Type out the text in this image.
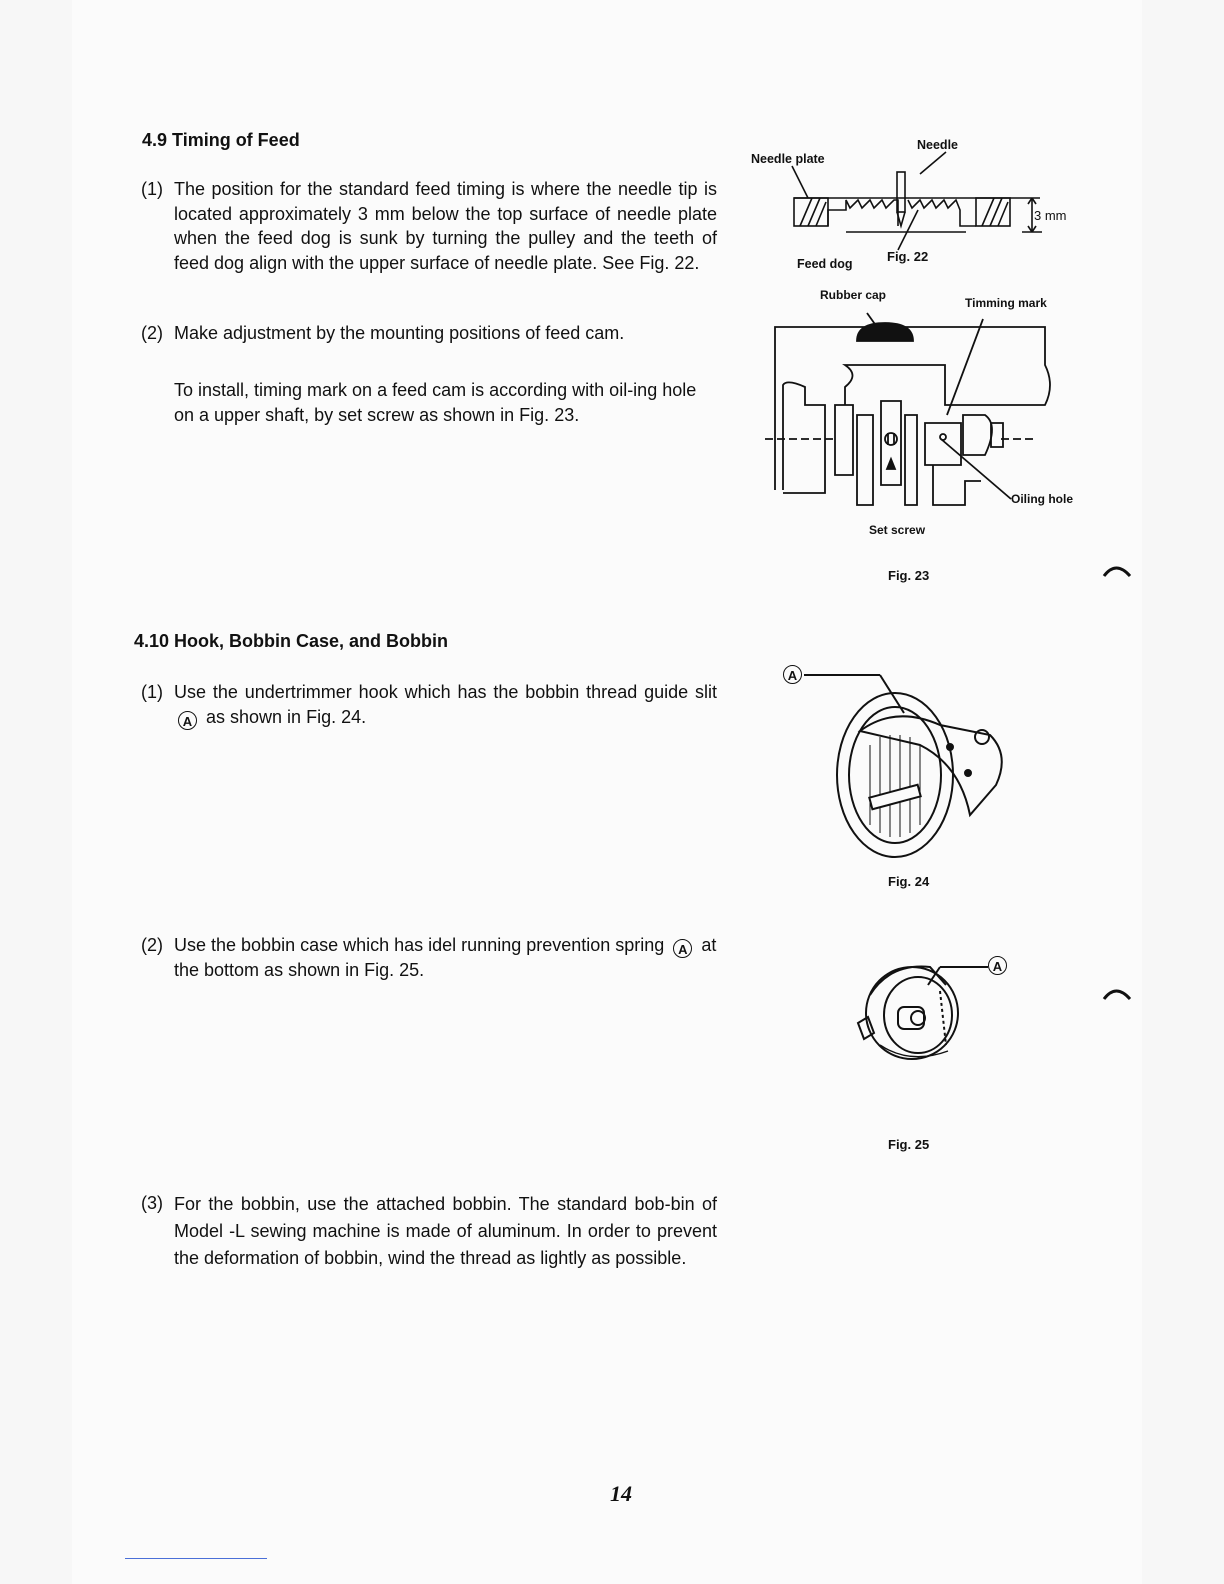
4.9 Timing of Feed
(1) The position for the standard feed timing is where the needle tip is located approximately 3 mm below the top surface of needle plate when the feed dog is sunk by turning the pulley and the teeth of feed dog align with the upper surface of needle plate. See Fig. 22.
(2) Make adjustment by the mounting positions of feed cam.
To install, timing mark on a feed cam is according with oil-ing hole on a upper shaft, by set screw as shown in Fig. 23.
Needle
Needle plate
3 mm
Feed dog	Fig. 22
Rubber cap
Timming mark
Oiling hole
Set screw
Fig. 23
4.10 Hook, Bobbin Case, and Bobbin
(1) Use the undertrimmer hook which has the bobbin thread guide slit A as shown in Fig. 24.
(2) Use the bobbin case which has idel running prevention spring A at the bottom as shown in Fig. 25.
(3) For the bobbin, use the attached bobbin. The standard bob-bin of Model -L sewing machine is made of aluminum. In order to prevent the deformation of bobbin, wind the thread as lightly as possible.
A
Fig. 24
A
Fig. 25
14
